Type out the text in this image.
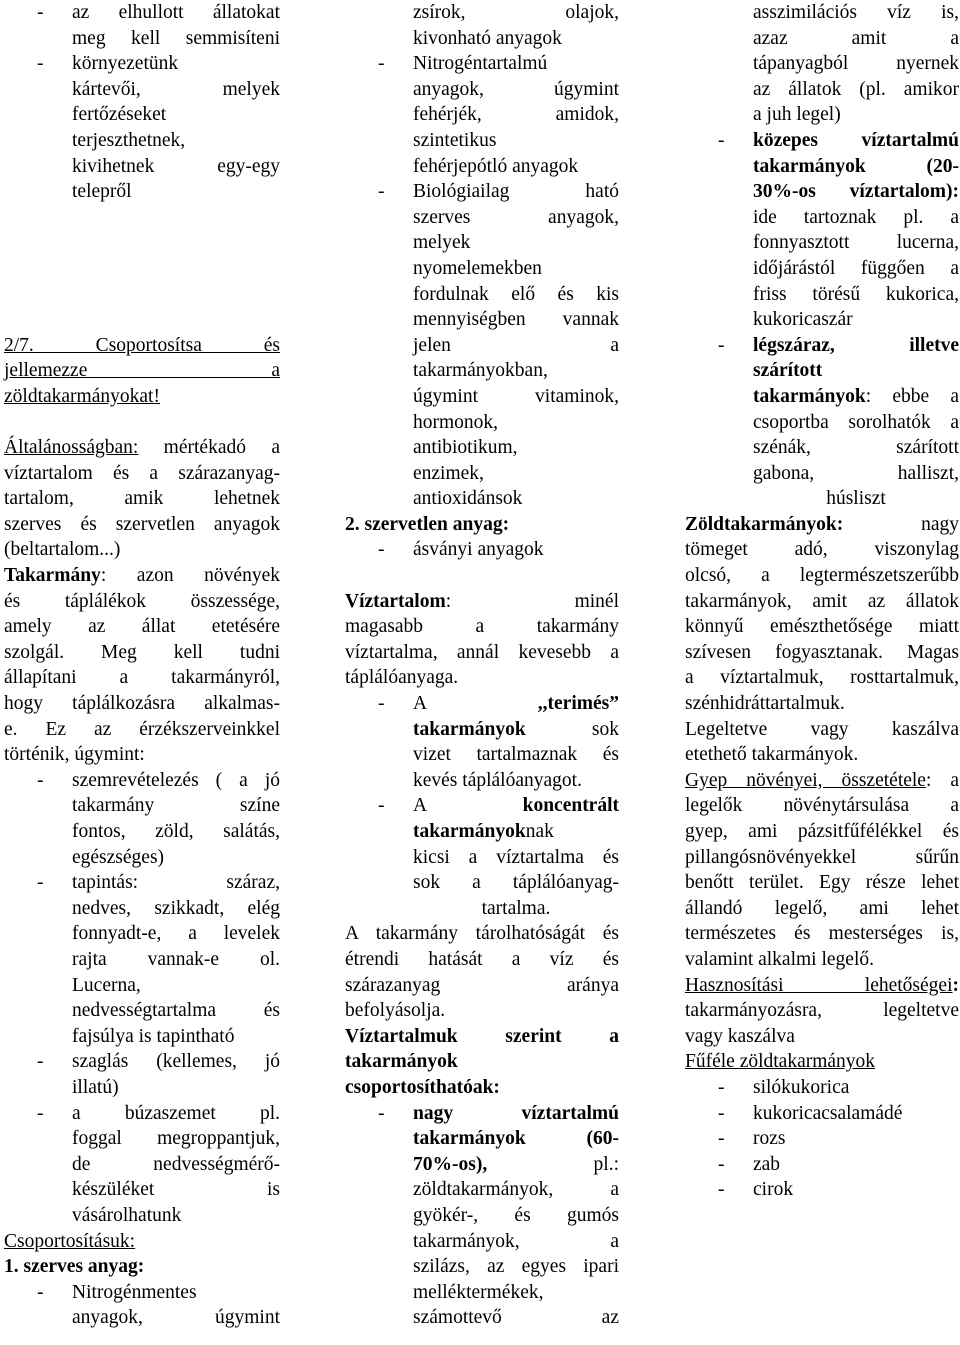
-	az elhullott állatokat
meg kell semmisíteni
-	környezetünk
kártevői, melyek
fertőzéseket
terjeszthetnek,
kivihetnek egy-egy
telepről
2/7. Csoportosítsa és
jellemezze a
zöldtakarmányokat!
Általánosságban: mértékadó a
víztartalom és a szárazanyag-
tartalom, amik lehetnek
szerves és szervetlen anyagok
(beltartalom...)
Takarmány: azon növények
és táplálékok összessége,
amely az állat etetésére
szolgál. Meg kell tudni
állapítani a takarmányról,
hogy táplálkozásra alkalmas-
e. Ez az érzékszerveinkkel
történik, úgymint:
-	szemrevételezés ( a jó
takarmány színe
fontos, zöld, salátás,
egészséges)
-	tapintás: száraz,
nedves, szikkadt, elég
fonnyadt-e, a levelek
rajta vannak-e ol.
Lucerna,
nedvességtartalma és
fajsúlya is tapintható
-	szaglás (kellemes, jó
illatú)
-	a búzaszemet pl.
foggal megroppantjuk,
de nedvességmérő-
készüléket is
vásárolhatunk
Csoportosításuk:
1. szerves anyag:
-	Nitrogénmentes
anyagok, úgymint
zsírok, olajok,
kivonható anyagok
-	Nitrogéntartalmú
anyagok, úgymint
fehérjék, amidok,
szintetikus
fehérjepótló anyagok
-	Biológiailag ható
szerves anyagok,
melyek
nyomelemekben
fordulnak elő és kis
mennyiségben vannak
jelen a
takarmányokban,
úgymint vitaminok,
hormonok,
antibiotikum,
enzimek,
antioxidánsok
2. szervetlen anyag:
-	ásványi anyagok
Víztartalom: minél
magasabb a takarmány
víztartalma, annál kevesebb a
táplálóanyaga.
-	A ,,terimés”
takarmányok sok
vizet tartalmaznak és
kevés táplálóanyagot.
-	A koncentrált
takarmányoknak
kicsi a víztartalma és
sok a táplálóanyag-
tartalma.
A takarmány tárolhatóságát és
étrendi hatását a víz és
szárazanyag aránya
befolyásolja.
Víztartalmuk szerint a
takarmányok
csoportosíthatóak:
-	nagy víztartalmú
takarmányok (60-
70%-os), pl.:
zöldtakarmányok, a
gyökér-, és gumós
takarmányok, a
szilázs, az egyes ipari
melléktermékek,
számottevő az
asszimilációs víz is,
azaz amit a
tápanyagból nyernek
az állatok (pl. amikor
a juh legel)
-	közepes víztartalmú
takarmányok (20-
30%-os víztartalom):
ide tartoznak pl. a
fonnyasztott lucerna,
időjárástól függően a
friss törésű kukorica,
kukoricaszár
-	légszáraz, illetve
szárított
takarmányok: ebbe a
csoportba sorolhatók a
szénák, szárított
gabona, halliszt,
húsliszt
Zöldtakarmányok: nagy
tömeget adó, viszonylag
olcsó, a legtermészetszerűbb
takarmányok, amit az állatok
könnyű emészthetősége miatt
szívesen fogyasztanak. Magas
a víztartalmuk, rosttartalmuk,
szénhidráttartalmuk.
Legeltetve vagy kaszálva
etethető takarmányok.
Gyep növényei, összetétele: a
legelők növénytársulása a
gyep, ami pázsitfűfélékkel és
pillangósnövényekkel sűrűn
benőtt terület. Egy része lehet
állandó legelő, ami lehet
természetes és mesterséges is,
valamint alkalmi legelő.
Hasznosítási lehetőségei:
takarmányozásra, legeltetve
vagy kaszálva
Fűféle zöldtakarmányok
-	silókukorica
-	kukoricacsalamádé
-	rozs
-	zab
-	cirok
